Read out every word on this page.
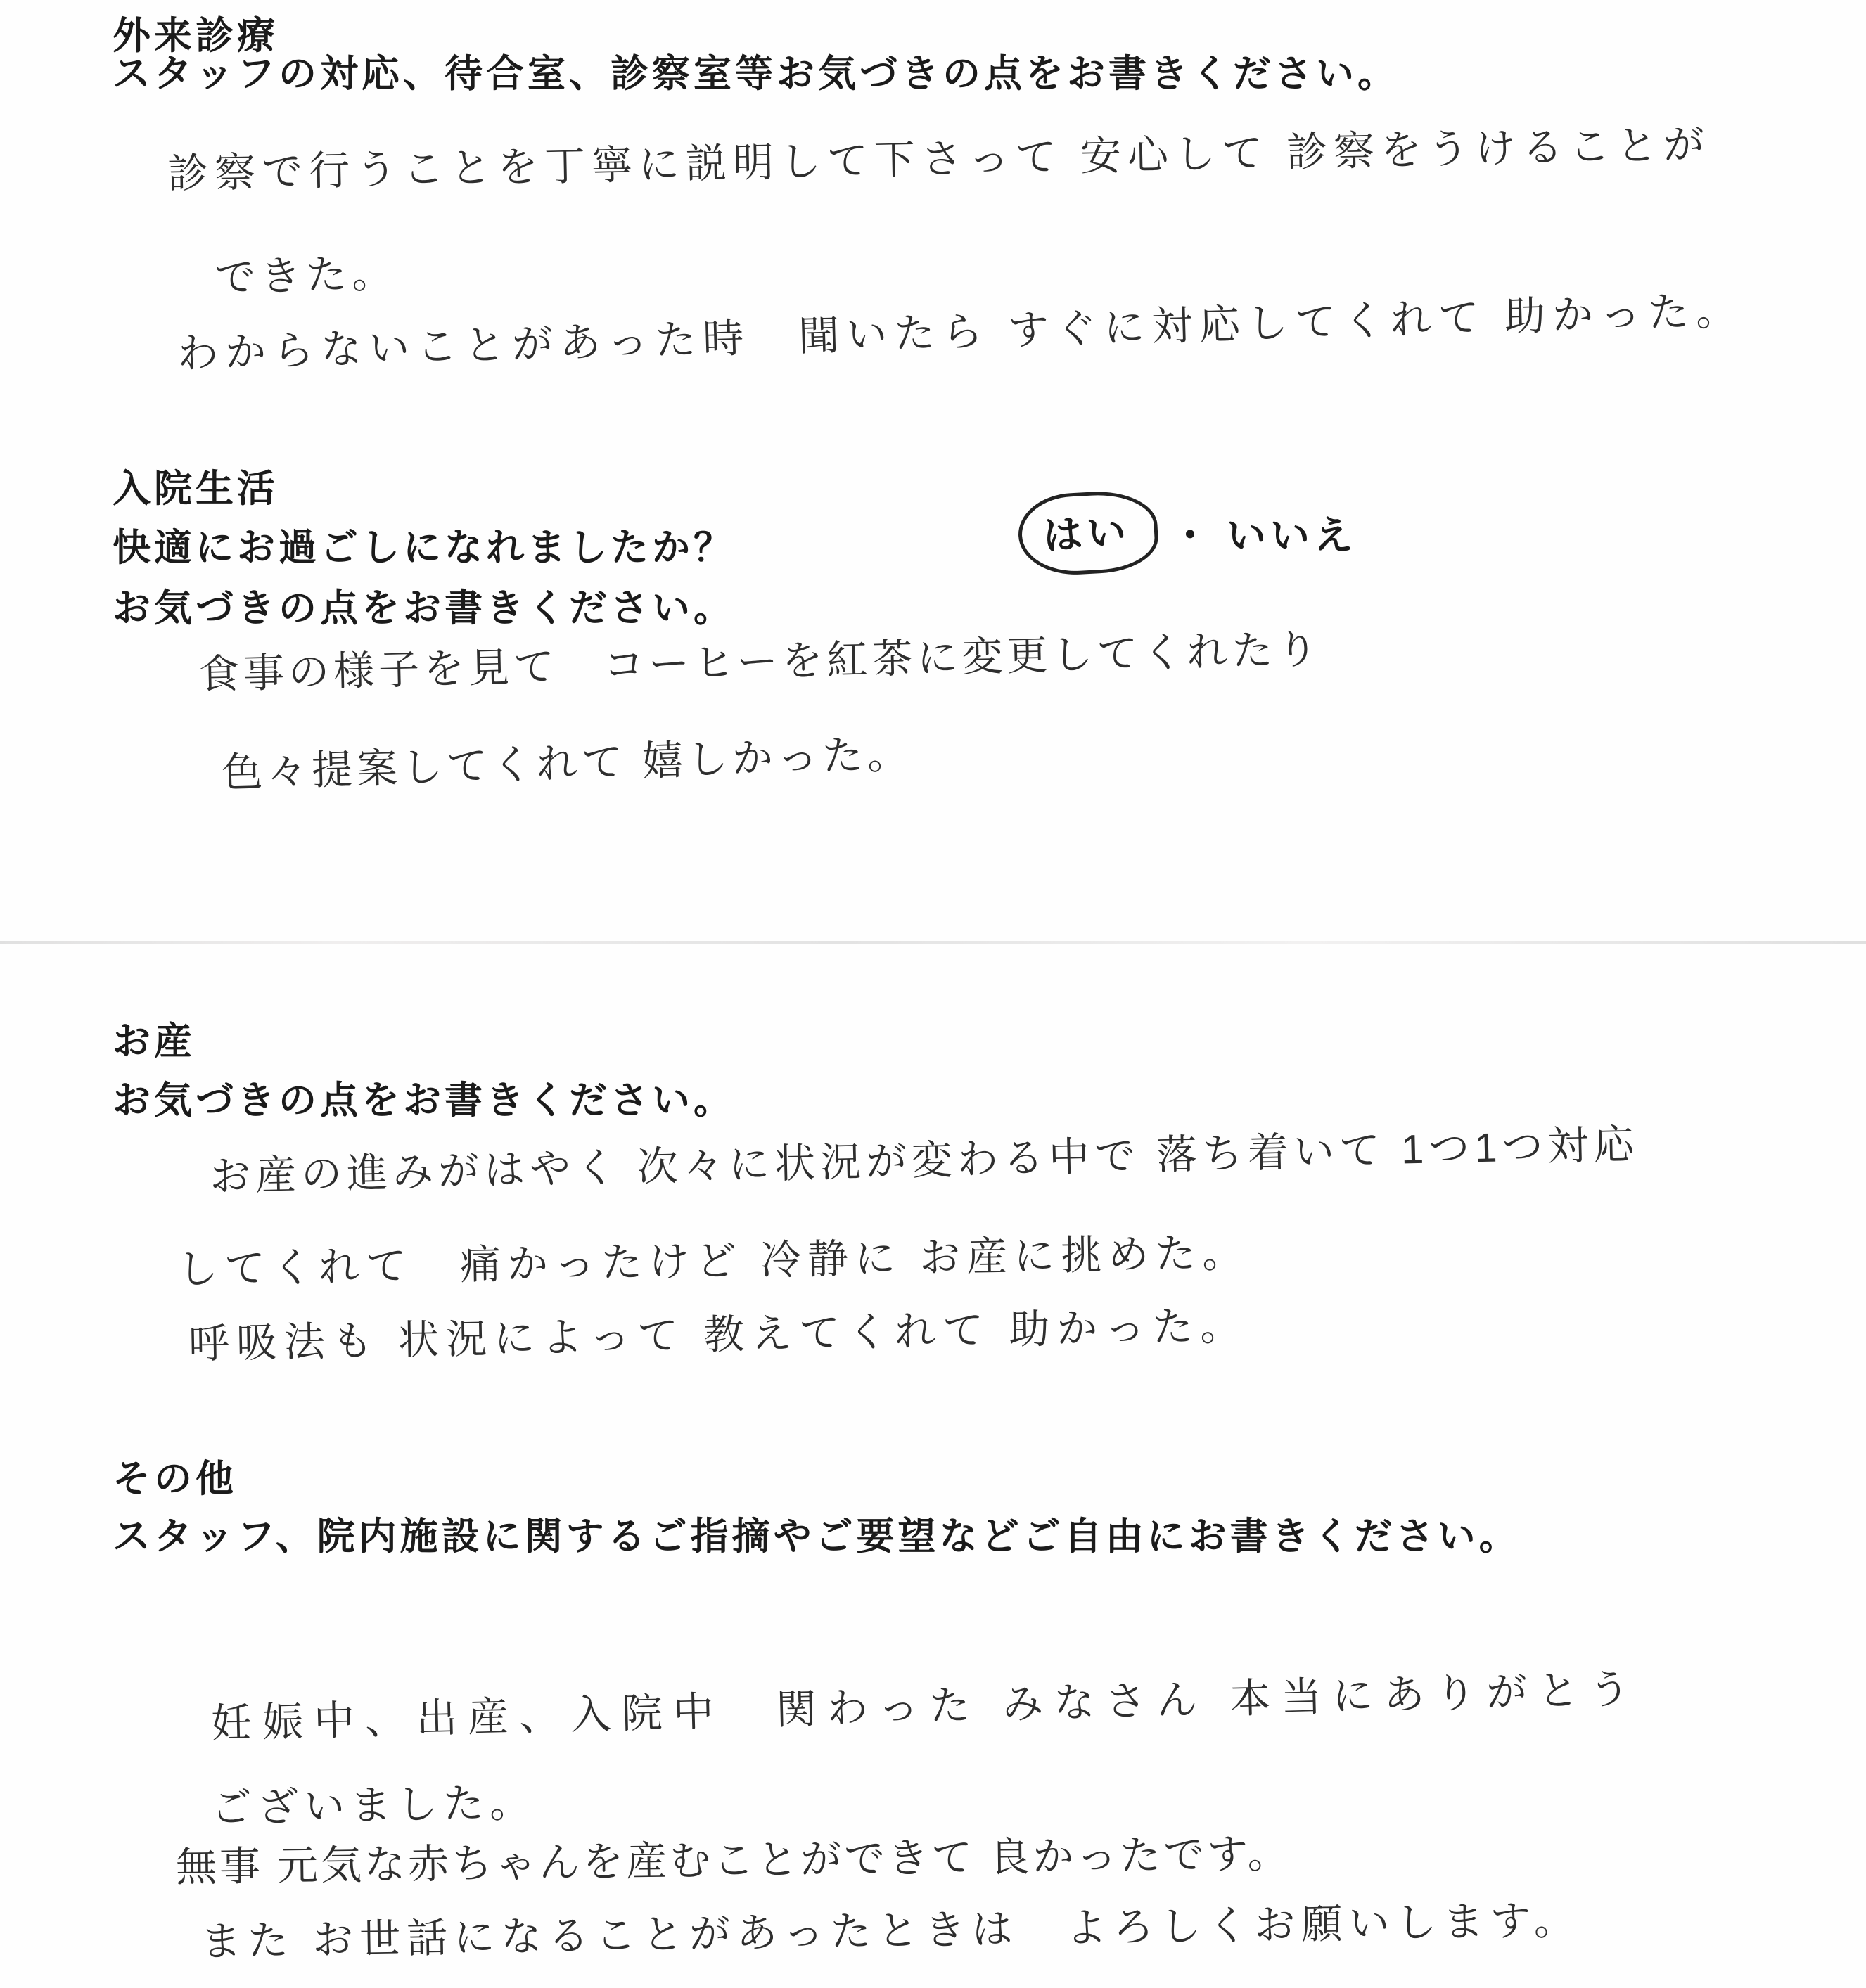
外来診療
スタッフの対応、待合室、診察室等お気づきの点をお書きください。
診察で行うことを丁寧に説明して下さって 安心して 診察をうけることが
できた。
わからないことがあった時　聞いたら すぐに対応してくれて 助かった。
入院生活
快適にお過ごしになれましたか？	はい ・ いいえ
お気づきの点をお書きください。
食事の様子を見て　コーヒーを紅茶に変更してくれたり
色々提案してくれて 嬉しかった。
お産
お気づきの点をお書きください。
お産の進みがはやく 次々に状況が変わる中で 落ち着いて 1つ1つ対応
してくれて　痛かったけど 冷静に お産に挑めた。
呼吸法も 状況によって 教えてくれて 助かった。
その他
スタッフ、院内施設に関するご指摘やご要望などご自由にお書きください。
妊娠中、出産、入院中　関わった みなさん 本当にありがとう
ございました。
無事 元気な赤ちゃんを産むことができて 良かったです。
また お世話になることがあったときは　よろしくお願いします。
